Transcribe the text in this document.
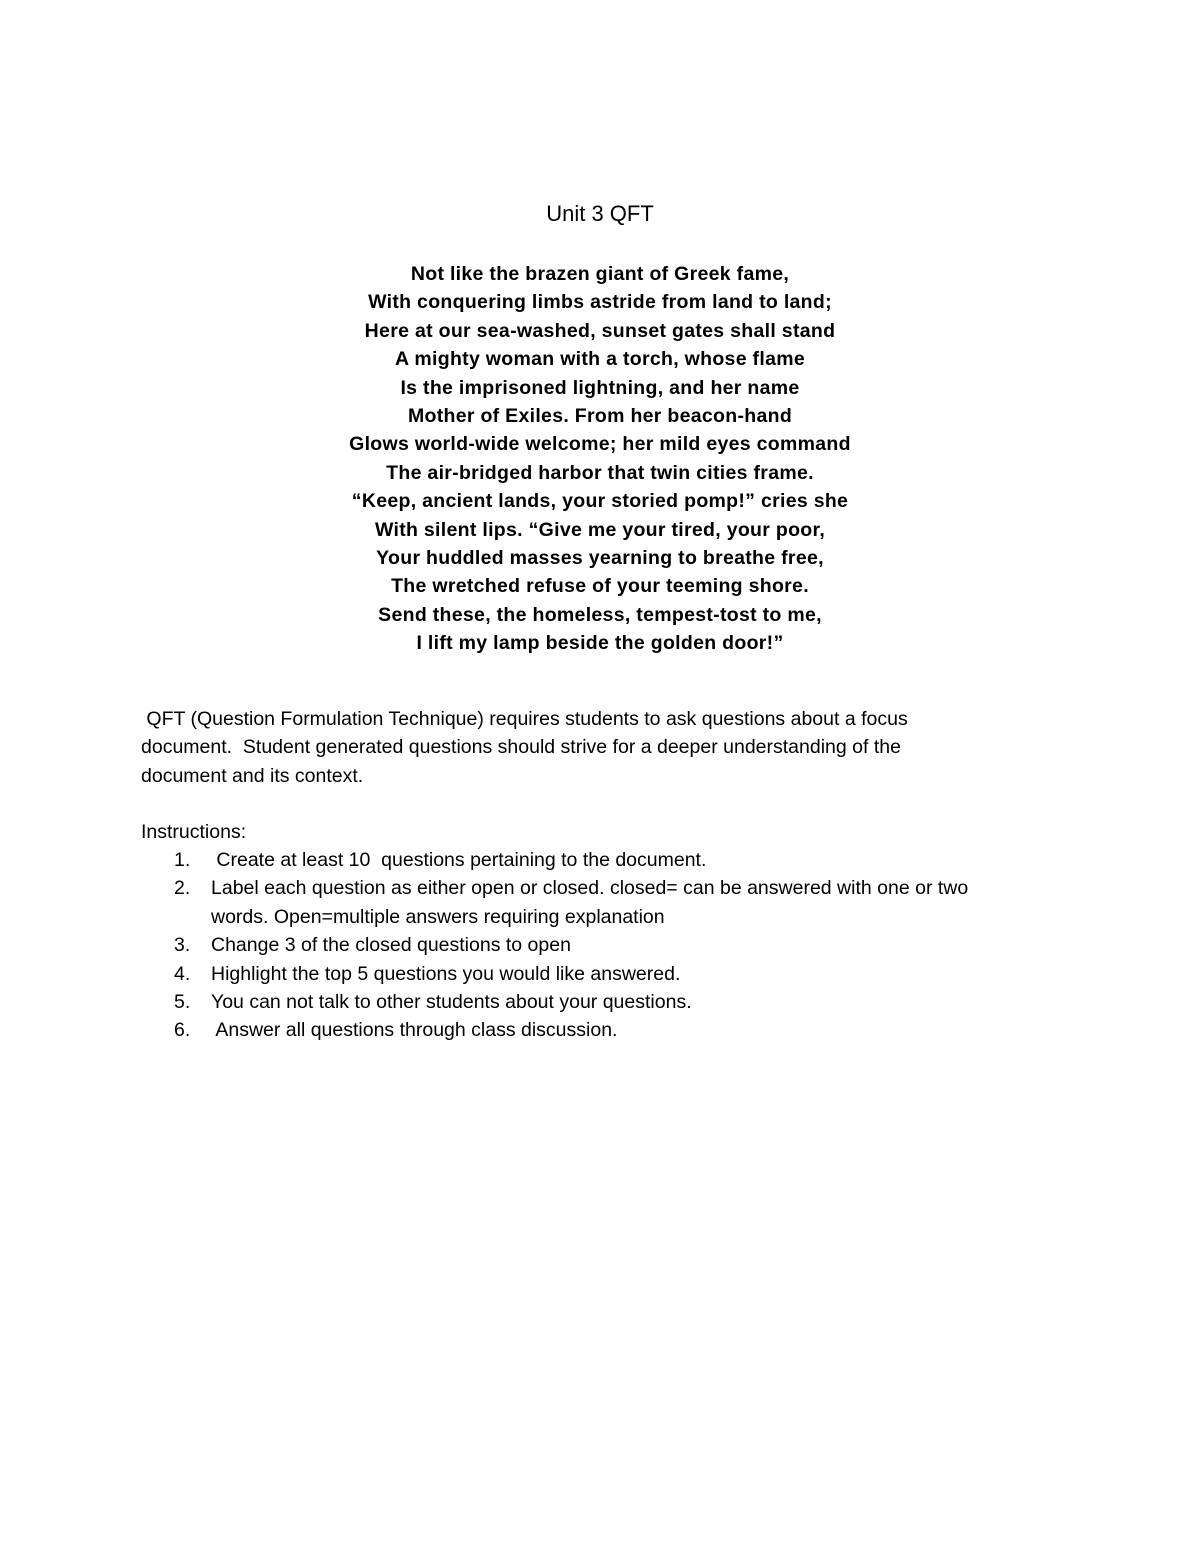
Unit 3 QFT
Not like the brazen giant of Greek fame,
With conquering limbs astride from land to land;
Here at our sea-washed, sunset gates shall stand
A mighty woman with a torch, whose flame
Is the imprisoned lightning, and her name
Mother of Exiles. From her beacon-hand
Glows world-wide welcome; her mild eyes command
The air-bridged harbor that twin cities frame.
“Keep, ancient lands, your storied pomp!” cries she
With silent lips. “Give me your tired, your poor,
Your huddled masses yearning to breathe free,
The wretched refuse of your teeming shore.
Send these, the homeless, tempest-tost to me,
I lift my lamp beside the golden door!”

QFT (Question Formulation Technique) requires students to ask questions about a focus

document.  Student generated questions should strive for a deeper understanding of the

document and its context.

Instructions:
1.	Create at least 10  questions pertaining to the document.
2.	Label each question as either open or closed. closed= can be answered with one or two
words. Open=multiple answers requiring explanation
3.	Change 3 of the closed questions to open
4.	Highlight the top 5 questions you would like answered.
5.	You can not talk to other students about your questions.
6.	Answer all questions through class discussion.
